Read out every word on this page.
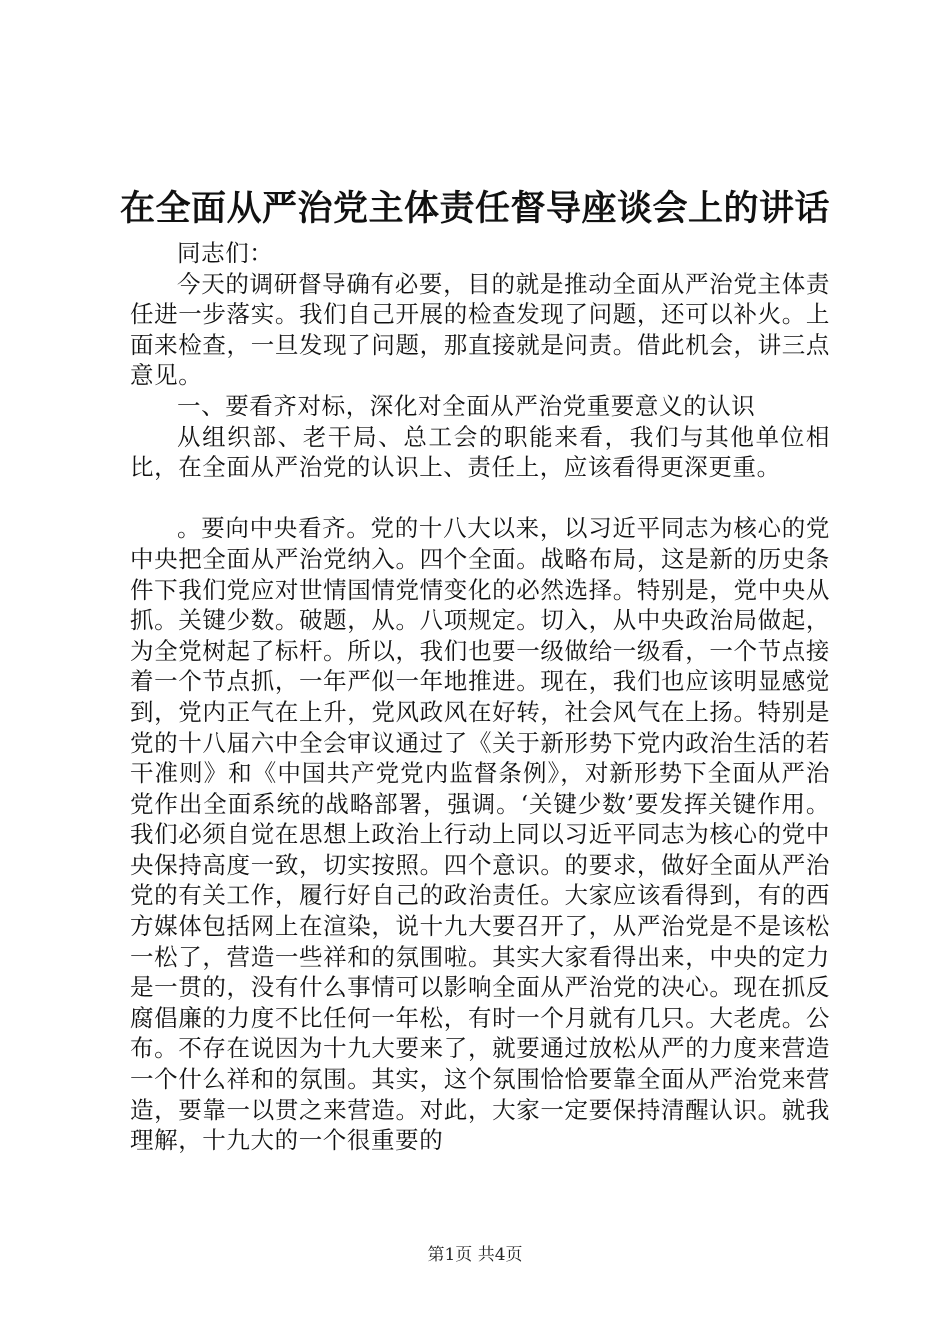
在全面从严治党主体责任督导座谈会上的讲话

同志们：

今天的调研督导确有必要，目的就是推动全面从严治党主体责任进一步落实。我们自己开展的检查发现了问题，还可以补火。上面来检查，一旦发现了问题，那直接就是问责。借此机会，讲三点意见。

一、要看齐对标，深化对全面从严治党重要意义的认识

从组织部、老干局、总工会的职能来看，我们与其他单位相比，在全面从严治党的认识上、责任上，应该看得更深更重。

。要向中央看齐。党的十八大以来，以习近平同志为核心的党中央把全面从严治党纳入。四个全面。战略布局，这是新的历史条件下我们党应对世情国情党情变化的必然选择。特别是，党中央从抓。关键少数。破题，从。八项规定。切入，从中央政治局做起，为全党树起了标杆。所以，我们也要一级做给一级看，一个节点接着一个节点抓，一年严似一年地推进。现在，我们也应该明显感觉到，党内正气在上升，党风政风在好转，社会风气在上扬。特别是党的十八届六中全会审议通过了《关于新形势下党内政治生活的若干准则》和《中国共产党党内监督条例》，对新形势下全面从严治党作出全面系统的战略部署，强调。‘关键少数’要发挥关键作用。我们必须自觉在思想上政治上行动上同以习近平同志为核心的党中央保持高度一致，切实按照。四个意识。的要求，做好全面从严治党的有关工作，履行好自己的政治责任。大家应该看得到，有的西方媒体包括网上在渲染，说十九大要召开了，从严治党是不是该松一松了，营造一些祥和的氛围啦。其实大家看得出来，中央的定力是一贯的，没有什么事情可以影响全面从严治党的决心。现在抓反腐倡廉的力度不比任何一年松，有时一个月就有几只。大老虎。公布。不存在说因为十九大要来了，就要通过放松从严的力度来营造一个什么祥和的氛围。其实，这个氛围恰恰要靠全面从严治党来营造，要靠一以贯之来营造。对此，大家一定要保持清醒认识。就我理解，十九大的一个很重要的

第1页 共4页
